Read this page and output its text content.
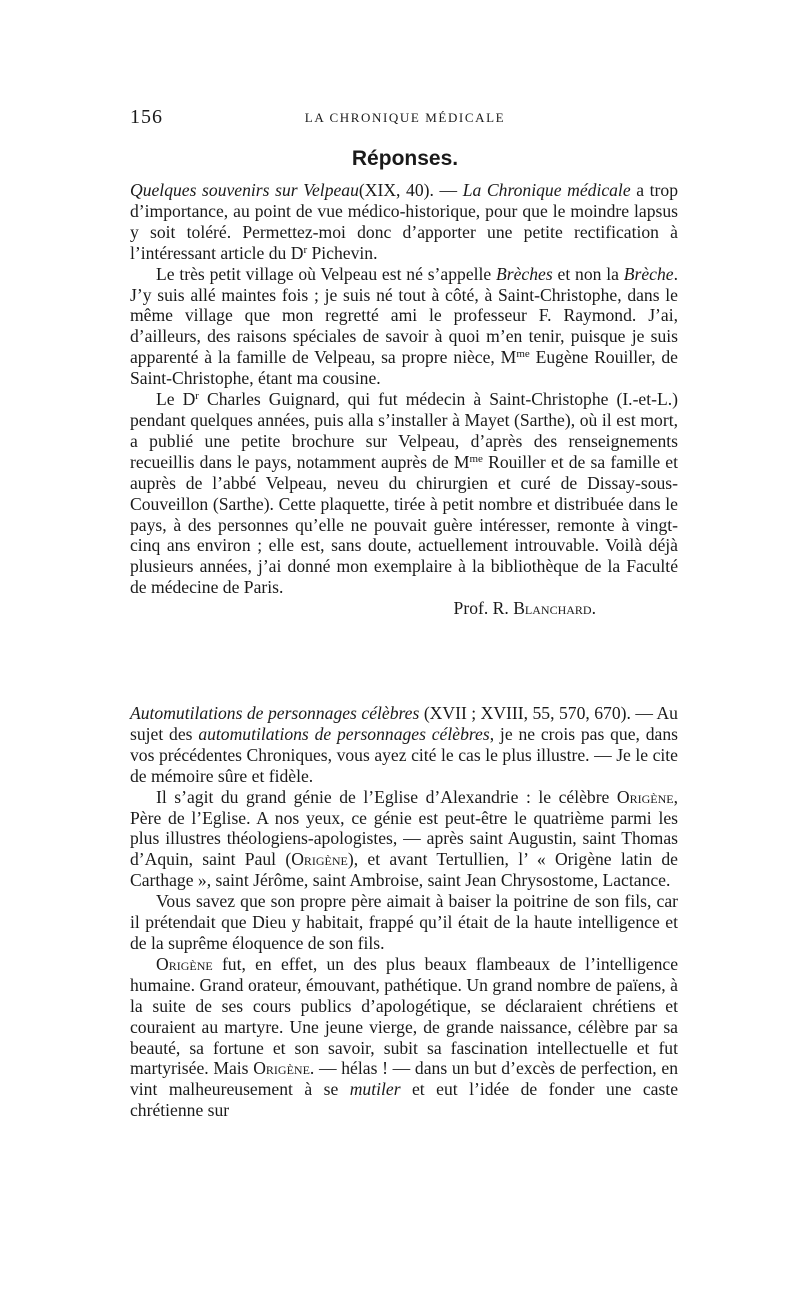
156	LA CHRONIQUE MÉDICALE
Réponses.

Quelques souvenirs sur Velpeau(XIX, 40). — La Chronique médicale a trop d’importance, au point de vue médico-historique, pour que le moindre lapsus y soit toléré. Permettez-moi donc d’apporter une petite rectification à l’intéressant article du $D^r$ Pichevin.

Le très petit village où Velpeau est né s’appelle Brèches et non la Brèche. J’y suis allé maintes fois ; je suis né tout à côté, à Saint-Christophe, dans le même village que mon regretté ami le professeur F. Raymond. J’ai, d’ailleurs, des raisons spéciales de savoir à quoi m’en tenir, puisque je suis apparenté à la famille de Velpeau, sa propre nièce, $M^{me}$ Eugène Rouiller, de Saint-Christophe, étant ma cousine.

Le $D^r$ Charles Guignard, qui fut médecin à Saint-Christophe (I.-et-L.) pendant quelques années, puis alla s’installer à Mayet (Sarthe), où il est mort, a publié une petite brochure sur Velpeau, d’après des renseignements recueillis dans le pays, notamment auprès de $M^{me}$ Rouiller et de sa famille et auprès de l’abbé Velpeau, neveu du chirurgien et curé de Dissay-sous-Couveillon (Sarthe). Cette plaquette, tirée à petit nombre et distribuée dans le pays, à des personnes qu’elle ne pouvait guère intéresser, remonte à vingt-cinq ans environ ; elle est, sans doute, actuellement introuvable. Voilà déjà plusieurs années, j’ai donné mon exemplaire à la bibliothèque de la Faculté de médecine de Paris.

Prof. R. Blanchard.

Automutilations de personnages célèbres (XVII ; XVIII, 55, 570, 670). — Au sujet des automutilations de personnages célèbres, je ne crois pas que, dans vos précédentes Chroniques, vous ayez cité le cas le plus illustre. — Je le cite de mémoire sûre et fidèle.

Il s’agit du grand génie de l’Eglise d’Alexandrie : le célèbre Origène, Père de l’Eglise. A nos yeux, ce génie est peut-être le quatrième parmi les plus illustres théologiens-apologistes, — après saint Augustin, saint Thomas d’Aquin, saint Paul (Origène), et avant Tertullien, l’ « Origène latin de Carthage », saint Jérôme, saint Ambroise, saint Jean Chrysostome, Lactance.

Vous savez que son propre père aimait à baiser la poitrine de son fils, car il prétendait que Dieu y habitait, frappé qu’il était de la haute intelligence et de la suprême éloquence de son fils.

Origène fut, en effet, un des plus beaux flambeaux de l’intelligence humaine. Grand orateur, émouvant, pathétique. Un grand nombre de païens, à la suite de ses cours publics d’apologétique, se déclaraient chrétiens et couraient au martyre. Une jeune vierge, de grande naissance, célèbre par sa beauté, sa fortune et son savoir, subit sa fascination intellectuelle et fut martyrisée. Mais Origène. — hélas ! — dans un but d’excès de perfection, en vint malheureusement à se mutiler et eut l’idée de fonder une caste chrétienne sur
